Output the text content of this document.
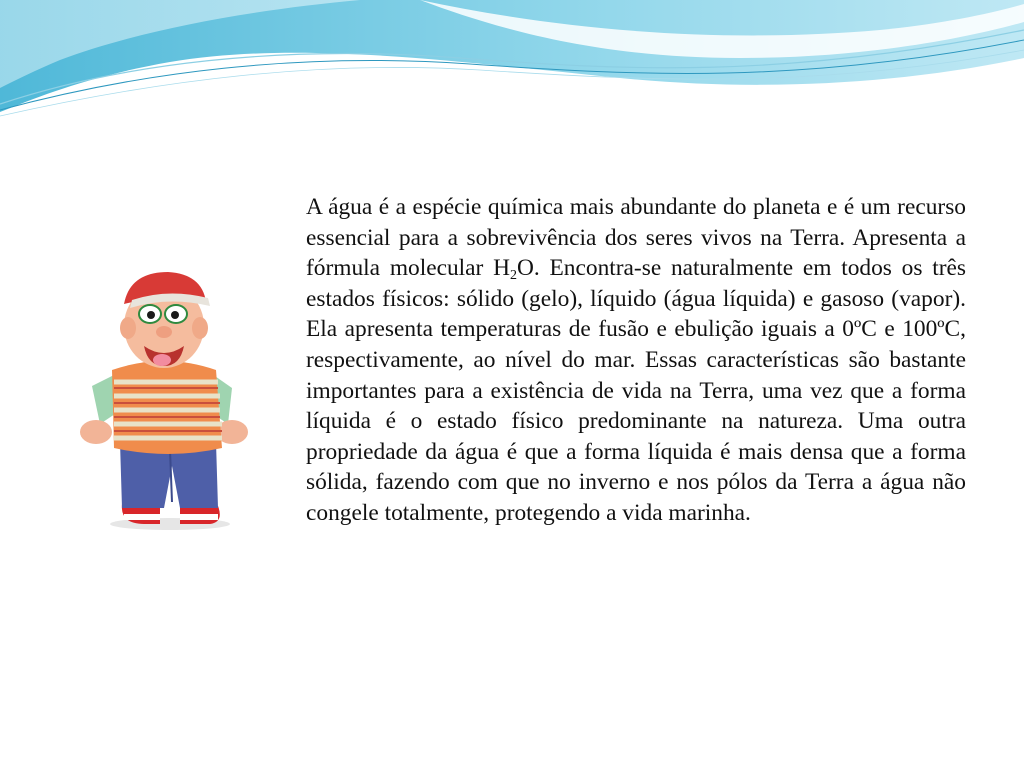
A água é a espécie química mais abundante do planeta e é um recurso essencial para a sobrevivência dos seres vivos na Terra. Apresenta a fórmula molecular $H_2O$. Encontra-se naturalmente em todos os três estados físicos: sólido (gelo), líquido (água líquida) e gasoso (vapor). Ela apresenta temperaturas de fusão e ebulição iguais a 0ºC e 100ºC, respectivamente, ao nível do mar. Essas características são bastante importantes para a existência de vida na Terra, uma vez que a forma líquida é o estado físico predominante na natureza. Uma outra propriedade da água é que a forma líquida é mais densa que a forma sólida, fazendo com que no inverno e nos pólos da Terra a água não congele totalmente, protegendo a vida marinha.
